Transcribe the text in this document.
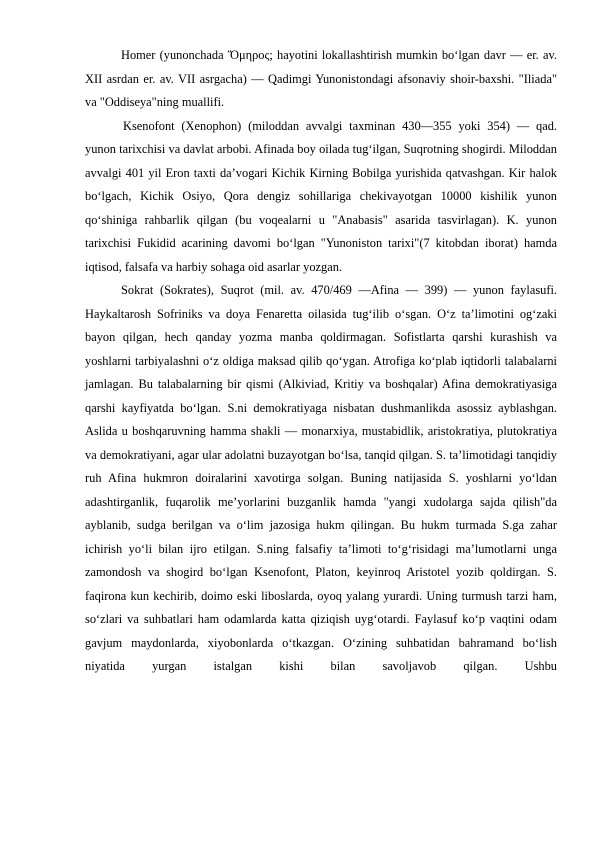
Homer (yunonchada Ὅμηρος; hayotini lokallashtirish mumkin bo‘lgan davr — er. av. XII asrdan er. av. VII asrgacha) — Qadimgi Yunonistondagi afsonaviy shoir-baxshi. "Iliada" va "Oddiseya"ning muallifi.

Ksenofont (Xenophon) (miloddan avvalgi taxminan 430—355 yoki 354) — qad. yunon tarixchisi va davlat arbobi. Afinada boy oilada tug‘ilgan, Suqrotning shogirdi. Miloddan avvalgi 401 yil Eron taxti da’vogari Kichik Kirning Bobilga yurishida qatvashgan. Kir halok bo‘lgach, Kichik Osiyo, Qora dengiz sohillariga chekivayotgan 10000 kishilik yunon qo‘shiniga rahbarlik qilgan (bu voqealarni u "Anabasis" asarida tasvirlagan). K. yunon tarixchisi Fukidid acarining davomi bo‘lgan "Yunoniston tarixi"(7 kitobdan iborat) hamda iqtisod, falsafa va harbiy sohaga oid asarlar yozgan.

Sokrat (Sokrates), Suqrot (mil. av. 470/469 —Afina — 399) — yunon faylasufi. Haykaltarosh Sofriniks va doya Fenaretta oilasida tug‘ilib o‘sgan. O‘z ta’limotini og‘zaki bayon qilgan, hech qanday yozma manba qoldirmagan. Sofistlarta qarshi kurashish va yoshlarni tarbiyalashni o‘z oldiga maksad qilib qo‘ygan. Atrofiga ko‘plab iqtidorli talabalarni jamlagan. Bu talabalarning bir qismi (Alkiviad, Kritiy va boshqalar) Afina demokratiyasiga qarshi kayfiyatda bo‘lgan. S.ni demokratiyaga nisbatan dushmanlikda asossiz ayblashgan. Aslida u boshqaruvning hamma shakli — monarxiya, mustabidlik, aristokratiya, plutokratiya va demokratiyani, agar ular adolatni buzayotgan bo‘lsa, tanqid qilgan. S. ta’limotidagi tanqidiy ruh Afina hukmron doiralarini xavotirga solgan. Buning natijasida S. yoshlarni yo‘ldan adashtirganlik, fuqarolik me’yorlarini buzganlik hamda "yangi xudolarga sajda qilish"da ayblanib, sudga berilgan va o‘lim jazosiga hukm qilingan. Bu hukm turmada S.ga zahar ichirish yo‘li bilan ijro etilgan. S.ning falsafiy ta’limoti to‘g‘risidagi ma’lumotlarni unga zamondosh va shogird bo‘lgan Ksenofont, Platon, keyinroq Aristotel yozib qoldirgan. S. faqirona kun kechirib, doimo eski liboslarda, oyoq yalang yurardi. Uning turmush tarzi ham, so‘zlari va suhbatlari ham odamlarda katta qiziqish uyg‘otardi. Faylasuf ko‘p vaqtini odam gavjum maydonlarda, xiyobonlarda o‘tkazgan. O‘zining suhbatidan bahramand bo‘lish niyatida yurgan istalgan kishi bilan savoljavob qilgan. Ushbu
